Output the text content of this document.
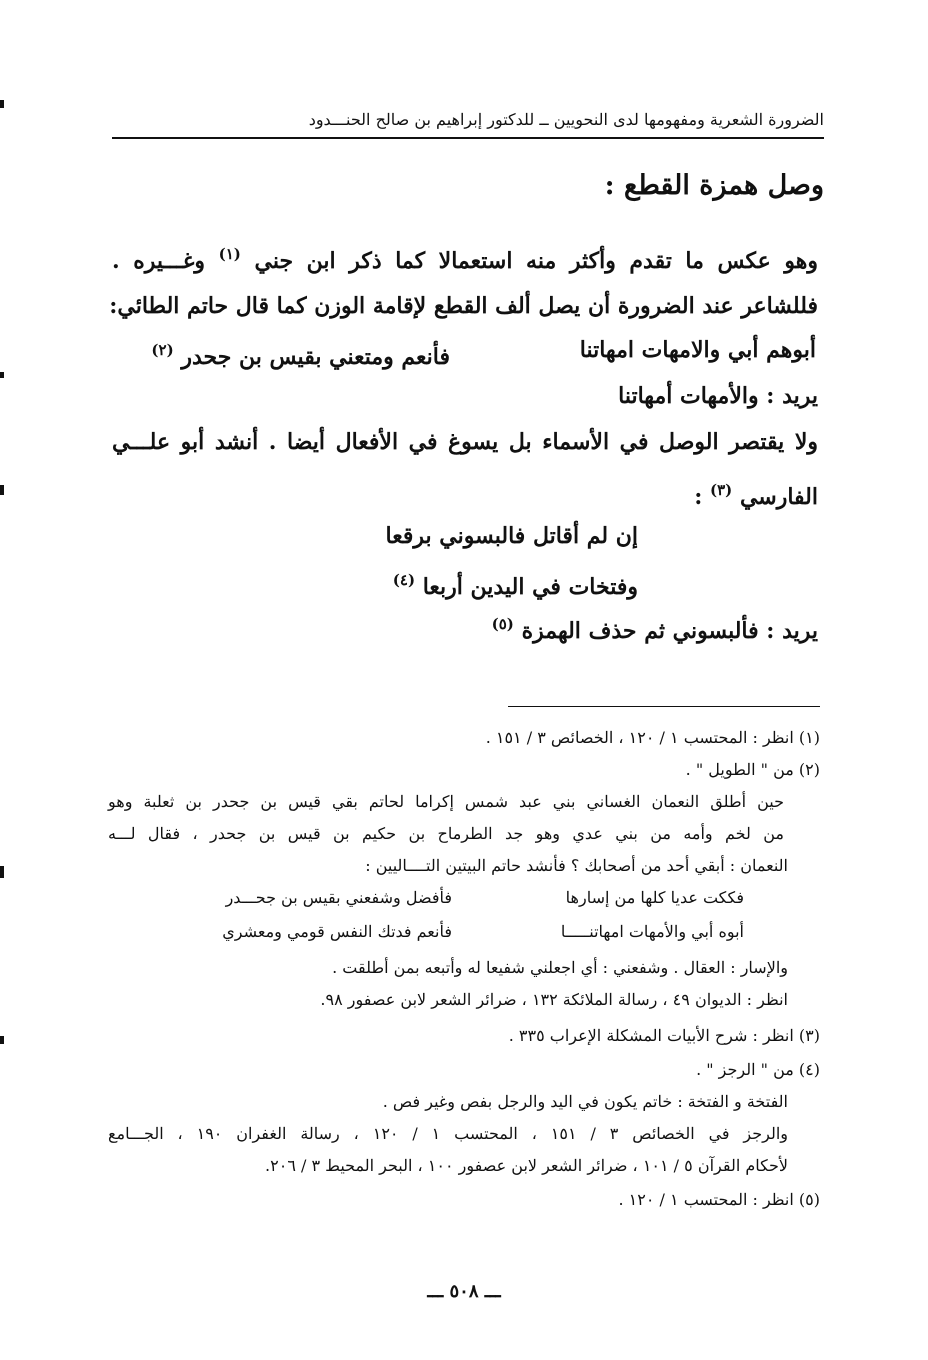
الضرورة الشعرية ومفهومها لدى النحويين ــ للدكتور إبراهيم بن صالح الحنـــدود
وصل همزة القطع :
وهو عكس ما تقدم وأكثر منه استعمالا كما ذكر ابن جني $^{(١)}$ وغـــيره .
فللشاعر عند الضرورة أن يصل ألف القطع لإقامة الوزن كما قال حاتم الطائي:
أبوهم أبي والامهات امهاتنا
فأنعم ومتعني بقيس بن جحدر $^{(٢)}$
يريد : والأمهات أمهاتنا
ولا يقتصر الوصل في الأسماء بل يسوغ في الأفعال أيضا . أنشد أبو علـــي
الفارسي $^{(٣)}$ :
إن لم أقاتل فالبسوني برقعا
وفتخات في اليدين أربعا $^{(٤)}$
يريد : فألبسوني ثم حذف الهمزة $^{(٥)}$
(١) انظر : المحتسب ١ / ١٢٠ ، الخصائص ٣ / ١٥١ .
(٢) من " الطويل " .
حين أطلق النعمان الغساني بني عبد شمس إكراما لحاتم بقي قيس بن جحدر بن ثعلبة وهو
من لخم وأمه من بني عدي وهو جد الطرماح بن حكيم بن قيس بن جحدر ، فقال لـــه
النعمان : أبقي أحد من أصحابك ؟ فأنشد حاتم البيتين التــــاليين :
فككت عديا كلها من إسارها
فأفضل وشفعني بقيس بن جحـــدر
أبوه أبي والأمهات امهاتنـــــا
فأنعم فدتك النفس قومي ومعشري
والإسار : العقال . وشفعني : أي اجعلني شفيعا له وأتبعه بمن أطلقت .
انظر : الديوان ٤٩ ، رسالة الملائكة ١٣٢ ، ضرائر الشعر لابن عصفور ٩٨.
(٣) انظر : شرح الأبيات المشكلة الإعراب ٣٣٥ .
(٤) من " الرجز " .
الفتخة و الفتخة : خاتم يكون في اليد والرجل بفص وغير فص .
والرجز في الخصائص ٣ / ١٥١ ، المحتسب ١ / ١٢٠ ، رسالة الغفران ١٩٠ ، الجـــامع
لأحكام القرآن ٥ / ١٠١ ، ضرائر الشعر لابن عصفور ١٠٠ ، البحر المحيط ٣ / ٢٠٦.
(٥) انظر : المحتسب ١ / ١٢٠ .
ـــ ٥٠٨ ـــ
